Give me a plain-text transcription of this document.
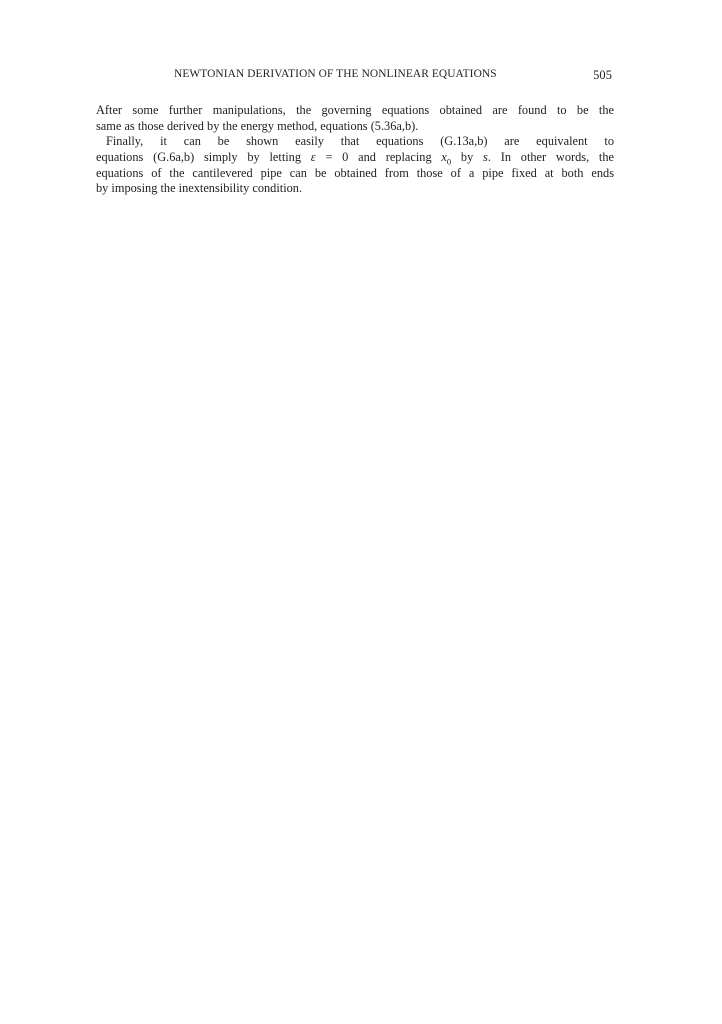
NEWTONIAN DERIVATION OF THE NONLINEAR EQUATIONS	505
After some further manipulations, the governing equations obtained are found to be the
same as those derived by the energy method, equations (5.36a,b).
Finally, it can be shown easily that equations (G.13a,b) are equivalent to
equations (G.6a,b) simply by letting ε = 0 and replacing $x_0$ by s. In other words, the
equations of the cantilevered pipe can be obtained from those of a pipe fixed at both ends
by imposing the inextensibility condition.
